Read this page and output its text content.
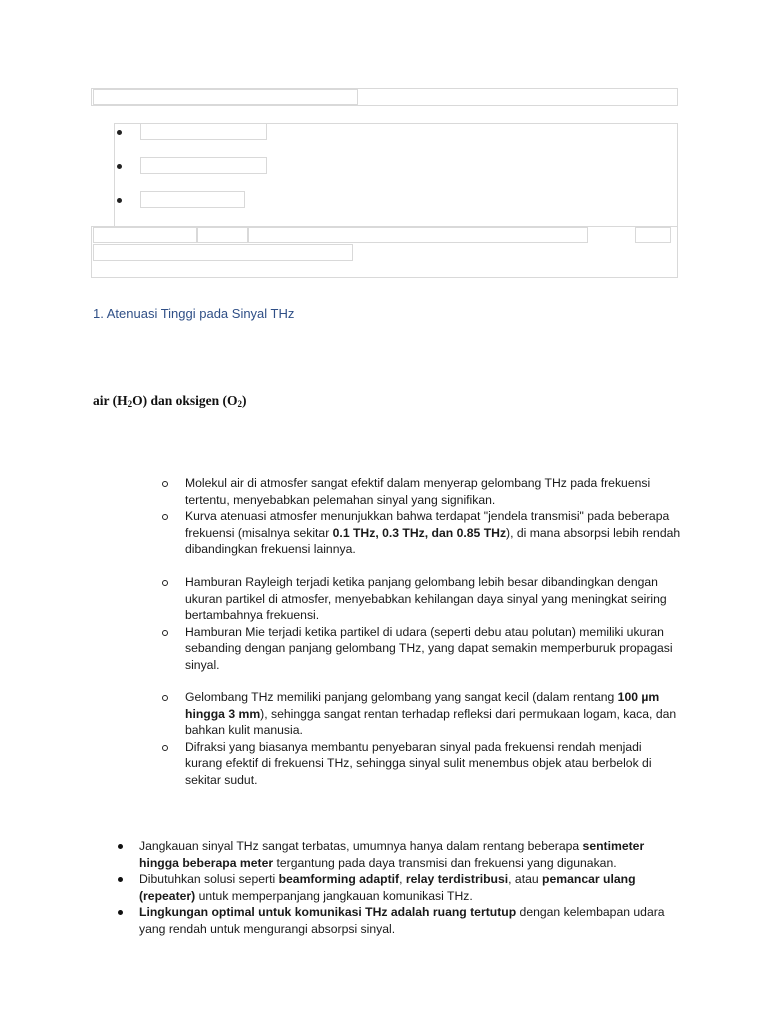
1. Atenuasi Tinggi pada Sinyal THz
air $(H_2O)$ dan oksigen $(O_2)$
Molekul air di atmosfer sangat efektif dalam menyerap gelombang THz pada frekuensi tertentu, menyebabkan pelemahan sinyal yang signifikan.
Kurva atenuasi atmosfer menunjukkan bahwa terdapat "jendela transmisi" pada beberapa frekuensi (misalnya sekitar 0.1 THz, 0.3 THz, dan 0.85 THz), di mana absorpsi lebih rendah dibandingkan frekuensi lainnya.
Hamburan Rayleigh terjadi ketika panjang gelombang lebih besar dibandingkan dengan ukuran partikel di atmosfer, menyebabkan kehilangan daya sinyal yang meningkat seiring bertambahnya frekuensi.
Hamburan Mie terjadi ketika partikel di udara (seperti debu atau polutan) memiliki ukuran sebanding dengan panjang gelombang THz, yang dapat semakin memperburuk propagasi sinyal.
Gelombang THz memiliki panjang gelombang yang sangat kecil (dalam rentang 100 µm hingga 3 mm), sehingga sangat rentan terhadap refleksi dari permukaan logam, kaca, dan bahkan kulit manusia.
Difraksi yang biasanya membantu penyebaran sinyal pada frekuensi rendah menjadi kurang efektif di frekuensi THz, sehingga sinyal sulit menembus objek atau berbelok di sekitar sudut.
Jangkauan sinyal THz sangat terbatas, umumnya hanya dalam rentang beberapa sentimeter hingga beberapa meter tergantung pada daya transmisi dan frekuensi yang digunakan.
Dibutuhkan solusi seperti beamforming adaptif, relay terdistribusi, atau pemancar ulang (repeater) untuk memperpanjang jangkauan komunikasi THz.
Lingkungan optimal untuk komunikasi THz adalah ruang tertutup dengan kelembapan udara yang rendah untuk mengurangi absorpsi sinyal.
